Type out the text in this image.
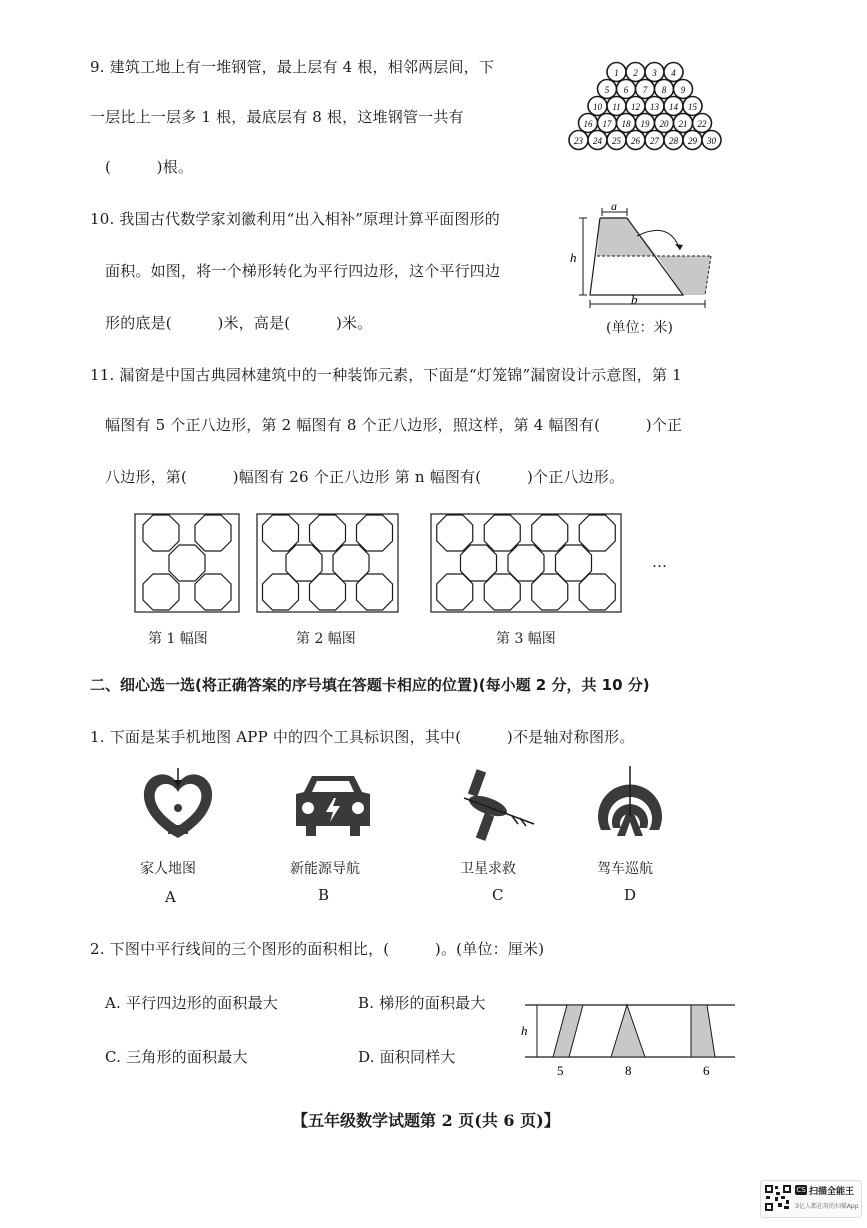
9. 建筑工地上有一堆钢管，最上层有 4 根，相邻两层间，下
一层比上一层多 1 根，最底层有 8 根，这堆钢管一共有
(　　　)根。
1 2 3 4
5 6 7 8 9
10 11 12 13 14 15
16 17 18 19 20 21 22
23 24 25 26 27 28 29 30
10. 我国古代数学家刘徽利用“出入相补”原理计算平面图形的
面积。如图，将一个梯形转化为平行四边形，这个平行四边
形的底是(　　　)米，高是(　　　)米。
a
h
b
(单位：米)
11. 漏窗是中国古典园林建筑中的一种装饰元素，下面是“灯笼锦”漏窗设计示意图，第 1
幅图有 5 个正八边形，第 2 幅图有 8 个正八边形，照这样，第 4 幅图有(　　　)个正
八边形，第(　　　)幅图有 26 个正八边形 第 n 幅图有(　　　)个正八边形。
…
第 1 幅图	第 2 幅图	第 3 幅图
二、细心选一选(将正确答案的序号填在答题卡相应的位置)(每小题 2 分，共 10 分)
1. 下面是某手机地图 APP 中的四个工具标识图，其中(　　　)不是轴对称图形。
家人地图	新能源导航	卫星求救	驾车巡航
A	B	C	D
2. 下图中平行线间的三个图形的面积相比，(　　　)。(单位：厘米)
A. 平行四边形的面积最大	B. 梯形的面积最大
C. 三角形的面积最大	D. 面积同样大
h
5	8	6
【五年级数学试题第 2 页(共 6 页)】
CS 扫描全能王
3亿人都在用的扫描App
